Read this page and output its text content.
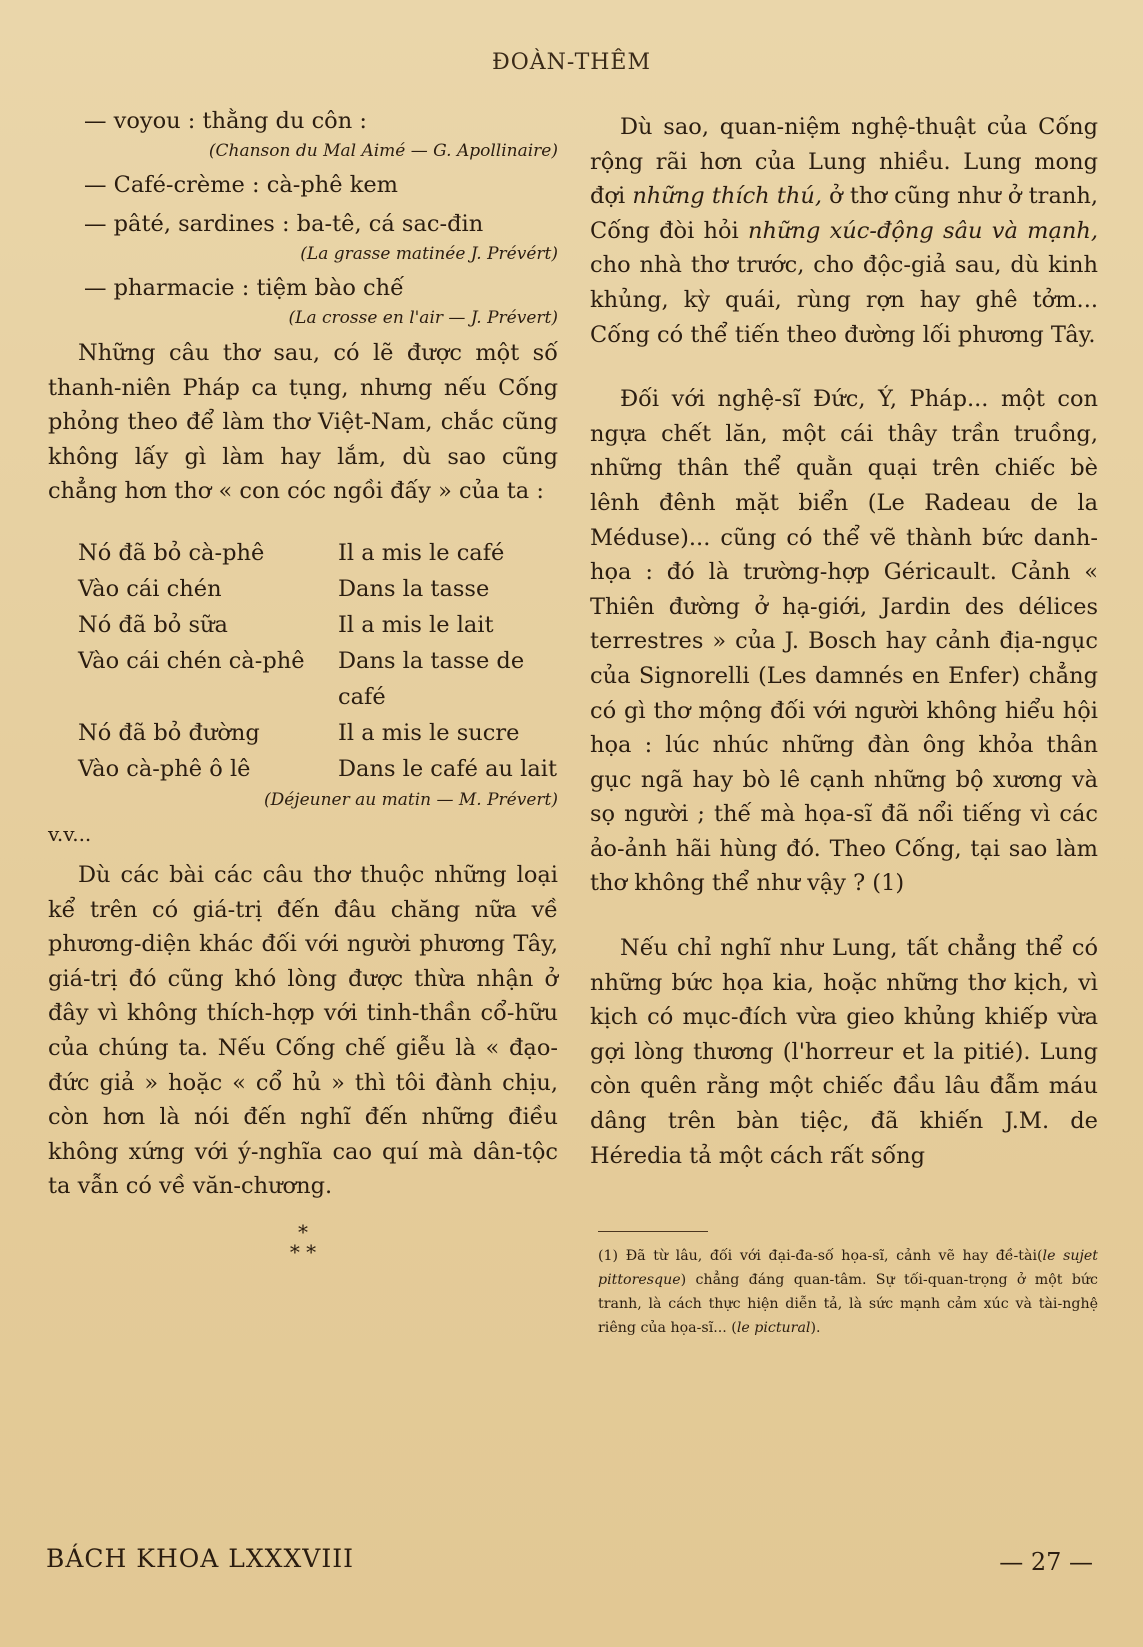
ĐOÀN-THÊM
— voyou : thằng du côn :
(Chanson du Mal Aimé — G. Apollinaire)
— Café-crème : cà-phê kem
— pâté, sardines : ba-tê, cá sac-đin
(La grasse matinée J. Prévért)
— pharmacie : tiệm bào chế
(La crosse en l'air — J. Prévert)

Những câu thơ sau, có lẽ được một số thanh-niên Pháp ca tụng, nhưng nếu Cống phỏng theo để làm thơ Việt-Nam, chắc cũng không lấy gì làm hay lắm, dù sao cũng chẳng hơn thơ « con cóc ngồi đấy » của ta :

Nó đã bỏ cà-phê	Il a mis le café
Vào cái chén	Dans la tasse
Nó đã bỏ sữa	Il a mis le lait
Vào cái chén cà-phê	Dans la tasse de café
Nó đã bỏ đường	Il a mis le sucre
Vào cà-phê ô lê	Dans le café au lait
(Déjeuner au matin — M. Prévert)
v.v...

Dù các bài các câu thơ thuộc những loại kể trên có giá-trị đến đâu chăng nữa về phương-diện khác đối với người phương Tây, giá-trị đó cũng khó lòng được thừa nhận ở đây vì không thích-hợp với tinh-thần cổ-hữu của chúng ta. Nếu Cống chế giễu là « đạo-đức giả » hoặc « cổ hủ » thì tôi đành chịu, còn hơn là nói đến nghĩ đến những điều không xứng với ý-nghĩa cao quí mà dân-tộc ta vẫn có về văn-chương.

*
* *

Dù sao, quan-niệm nghệ-thuật của Cống rộng rãi hơn của Lung nhiều. Lung mong đợi những thích thú, ở thơ cũng như ở tranh, Cống đòi hỏi những xúc-động sâu và mạnh, cho nhà thơ trước, cho độc-giả sau, dù kinh khủng, kỳ quái, rùng rợn hay ghê tởm... Cống có thể tiến theo đường lối phương Tây.

Đối với nghệ-sĩ Đức, Ý, Pháp... một con ngựa chết lăn, một cái thây trần truồng, những thân thể quằn quại trên chiếc bè lênh đênh mặt biển (Le Radeau de la Méduse)... cũng có thể vẽ thành bức danh-họa : đó là trường-hợp Géricault. Cảnh « Thiên đường ở hạ-giới, Jardin des délices terrestres » của J. Bosch hay cảnh địa-ngục của Signorelli (Les damnés en Enfer) chẳng có gì thơ mộng đối với người không hiểu hội họa : lúc nhúc những đàn ông khỏa thân gục ngã hay bò lê cạnh những bộ xương và sọ người ; thế mà họa-sĩ đã nổi tiếng vì các ảo-ảnh hãi hùng đó. Theo Cống, tại sao làm thơ không thể như vậy ? (1)

Nếu chỉ nghĩ như Lung, tất chẳng thể có những bức họa kia, hoặc những thơ kịch, vì kịch có mục-đích vừa gieo khủng khiếp vừa gợi lòng thương (l'horreur et la pitié). Lung còn quên rằng một chiếc đầu lâu đẫm máu dâng trên bàn tiệc, đã khiến J.M. de Héredia tả một cách rất sống

(1) Đã từ lâu, đối với đại-đa-số họa-sĩ, cảnh vẽ hay đề-tài(le sujet pittoresque) chẳng đáng quan-tâm. Sự tối-quan-trọng ở một bức tranh, là cách thực hiện diễn tả, là sức mạnh cảm xúc và tài-nghệ riêng của họa-sĩ... (le pictural).
BÁCH KHOA LXXXVIII	— 27 —
